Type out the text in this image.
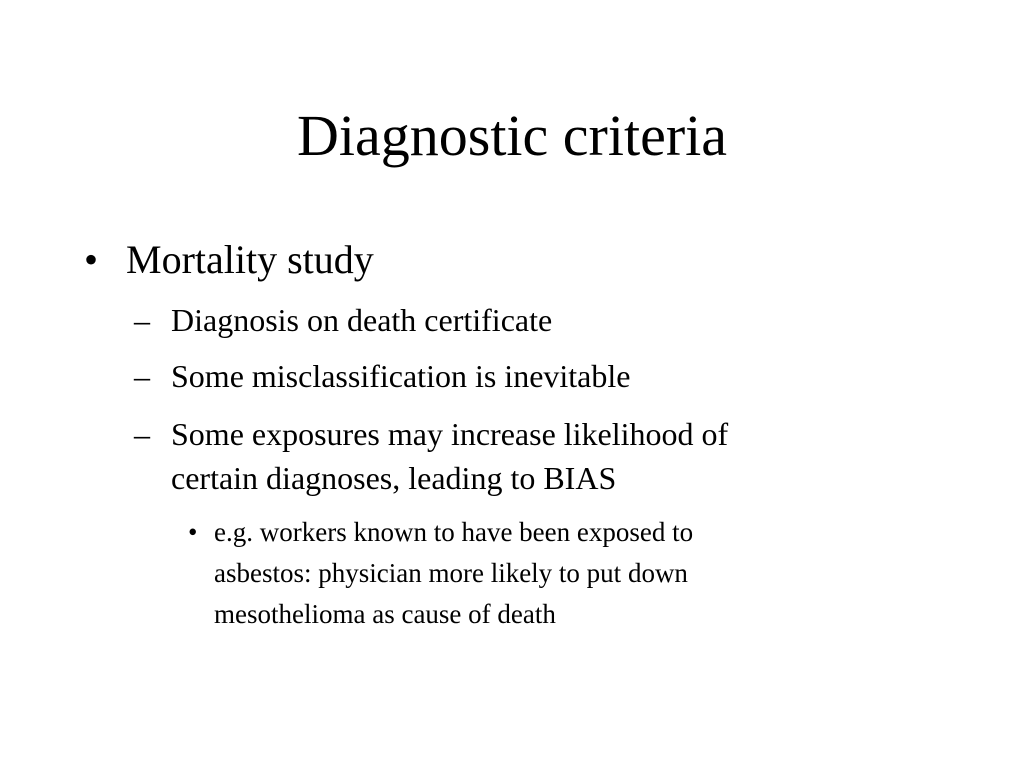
Diagnostic criteria
• Mortality study
– Diagnosis on death certificate
– Some misclassification is inevitable
– Some exposures may increase likelihood of
certain diagnoses, leading to BIAS
• e.g. workers known to have been exposed to
asbestos: physician more likely to put down
mesothelioma as cause of death
